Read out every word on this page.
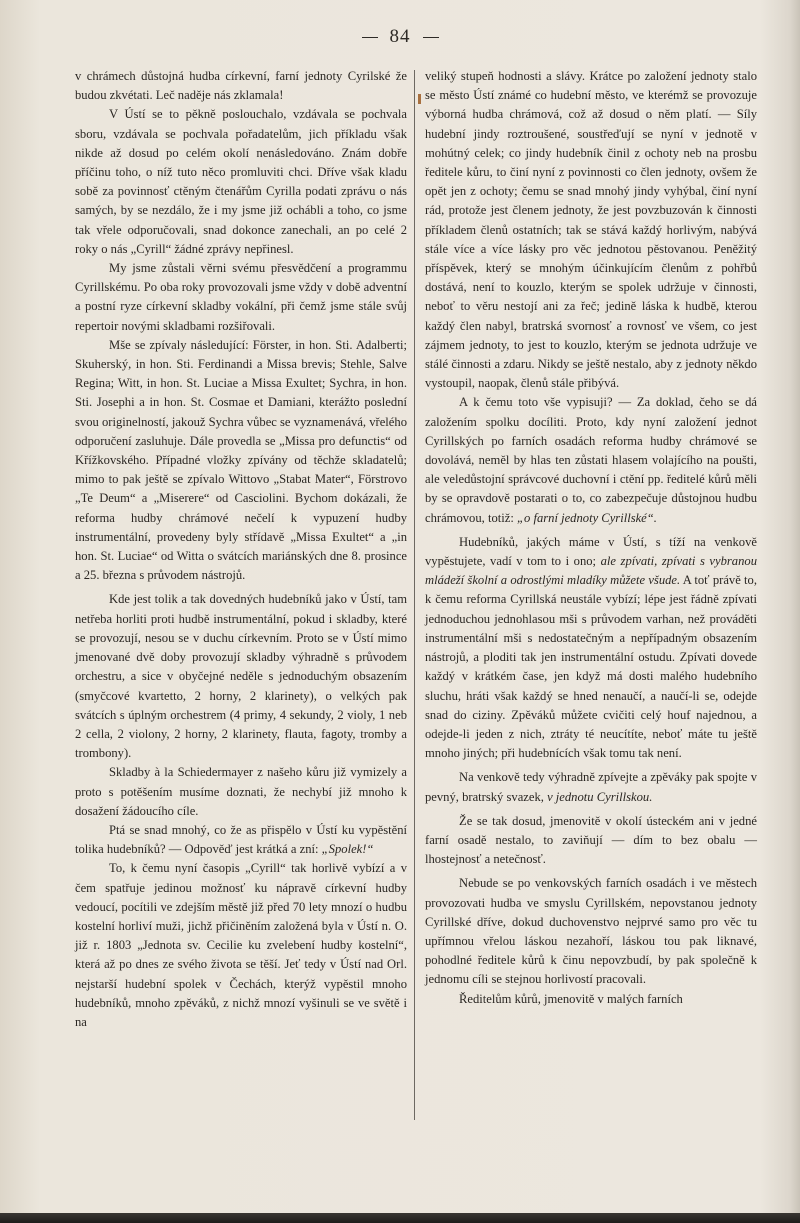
84

v chrámech důstojná hudba církevní, farní jednoty Cyrilské že budou zkvétati. Leč naděje nás zklamala!

V Ústí se to pěkně poslouchalo, vzdávala se pochvala sboru, vzdávala se pochvala pořadatelům, jich příkladu však nikde až dosud po celém okolí nenásledováno. Znám dobře příčinu toho, o níž tuto něco promluviti chci. Dříve však kladu sobě za povinnosť ctěným čtenářům Cyrilla podati zprávu o nás samých, by se nezdálo, že i my jsme již ochábli a toho, co jsme tak vřele odporučovali, snad dokonce zanechali, an po celé 2 roky o nás „Cyrill“ žádné zprávy nepřinesl.

My jsme zůstali věrni svému přesvědčení a programmu Cyrillskému. Po oba roky provozovali jsme vždy v době adventní a postní ryze církevní skladby vokální, při čemž jsme stále svůj repertoir novými skladbami rozšiřovali.

Mše se zpívaly následující: Förster, in hon. Sti. Adalberti; Skuherský, in hon. Sti. Ferdinandi a Missa brevis; Stehle, Salve Regina; Witt, in hon. St. Luciae a Missa Exultet; Sychra, in hon. Sti. Josephi a in hon. St. Cosmae et Damiani, kterážto poslední svou originelností, jakouž Sychra vůbec se vyznamenává, vřelého odporučení zasluhuje. Dále provedla se „Missa pro defunctis“ od Křížkovského. Případné vložky zpívány od těchže skladatelů; mimo to pak ještě se zpívalo Wittovo „Stabat Mater“, Förstrovo „Te Deum“ a „Miserere“ od Casciolini. Bychom dokázali, že reforma hudby chrámové nečelí k vypuzení hudby instrumentální, provedeny byly střídavě „Missa Exultet“ a „in hon. St. Luciae“ od Witta o svátcích mariánských dne 8. prosince a 25. března s průvodem nástrojů.

Kde jest tolik a tak dovedných hudebníků jako v Ústí, tam netřeba horliti proti hudbě instrumentální, pokud i skladby, které se provozují, nesou se v duchu církevním. Proto se v Ústí mimo jmenované dvě doby provozují skladby výhradně s průvodem orchestru, a sice v obyčejné neděle s jednoduchým obsazením (smyčcové kvartetto, 2 horny, 2 klarinety), o velkých pak svátcích s úplným orchestrem (4 primy, 4 sekundy, 2 violy, 1 neb 2 cella, 2 violony, 2 horny, 2 klarinety, flauta, fagoty, tromby a trombony).

Skladby à la Schiedermayer z našeho kůru již vymizely a proto s potěšením musíme doznati, že nechybí již mnoho k dosažení žádoucího cíle.

Ptá se snad mnohý, co že as přispělo v Ústí ku vypěstění tolika hudebníků? — Odpověď jest krátká a zní: „Spolek!“

To, k čemu nyní časopis „Cyrill“ tak horlivě vybízí a v čem spatřuje jedinou možnosť ku nápravě církevní hudby vedoucí, pocítili ve zdejším městě již před 70 lety mnozí o hudbu kostelní horliví muži, jichž přičiněním založená byla v Ústí n. O. již r. 1803 „Jednota sv. Cecilie ku zvelebení hudby kostelní“, která až po dnes ze svého života se těší. Jeť tedy v Ústí nad Orl. nejstarší hudební spolek v Čechách, kterýž vypěstil mnoho hudebníků, mnoho zpěváků, z nichž mnozí vyšinuli se ve světě i na

veliký stupeň hodnosti a slávy. Krátce po založení jednoty stalo se město Ústí známé co hudební město, ve kterémž se provozuje výborná hudba chrámová, což až dosud o něm platí. — Síly hudební jindy roztroušené, soustřeďují se nyní v jednotě v mohútný celek; co jindy hudebník činil z ochoty neb na prosbu ředitele kůru, to činí nyní z povinnosti co člen jednoty, ovšem že opět jen z ochoty; čemu se snad mnohý jindy vyhýbal, činí nyní rád, protože jest členem jednoty, že jest povzbuzován k činnosti příkladem členů ostatních; tak se stává každý horlivým, nabývá stále více a více lásky pro věc jednotou pěstovanou. Peněžitý příspěvek, který se mnohým účinkujícím členům z pohřbů dostává, není to kouzlo, kterým se spolek udržuje v činnosti, neboť to věru nestojí ani za řeč; jedině láska k hudbě, kterou každý člen nabyl, bratrská svornosť a rovnosť ve všem, co jest zájmem jednoty, to jest to kouzlo, kterým se jednota udržuje ve stálé činnosti a zdaru. Nikdy se ještě nestalo, aby z jednoty někdo vystoupil, naopak, členů stále přibývá.

A k čemu toto vše vypisuji? — Za doklad, čeho se dá založením spolku docíliti. Proto, kdy nyní založení jednot Cyrillských po farních osadách reforma hudby chrámové se dovolává, neměl by hlas ten zůstati hlasem volajícího na poušti, ale veledůstojní správcové duchovní i ctění pp. ředitelé kůrů měli by se opravdově postarati o to, co zabezpečuje důstojnou hudbu chrámovou, totiž: „o farní jednoty Cyrillské“.

Hudebníků, jakých máme v Ústí, s tíží na venkově vypěstujete, vadí v tom to i ono; ale zpívati, zpívati s vybranou mládeží školní a odrostlými mladíky můžete všude. A toť právě to, k čemu reforma Cyrillská neustále vybízí; lépe jest řádně zpívati jednoduchou jednohlasou mši s průvodem varhan, než prováděti instrumentální mši s nedostatečným a nepřípadným obsazením nástrojů, a ploditi tak jen instrumentální ostudu. Zpívati dovede každý v krátkém čase, jen když má dosti malého hudebního sluchu, hráti však každý se hned nenaučí, a naučí-li se, odejde snad do ciziny. Zpěváků můžete cvičiti celý houf najednou, a odejde-li jeden z nich, ztráty té neucítíte, neboť máte tu ještě mnoho jiných; při hudebnících však tomu tak není.

Na venkově tedy výhradně zpívejte a zpěváky pak spojte v pevný, bratrský svazek, v jednotu Cyrillskou.

Že se tak dosud, jmenovitě v okolí ústeckém ani v jedné farní osadě nestalo, to zaviňují — dím to bez obalu — lhostejnosť a netečnosť.

Nebude se po venkovských farních osadách i ve městech provozovati hudba ve smyslu Cyrillském, nepovstanou jednoty Cyrillské dříve, dokud duchovenstvo nejprvé samo pro věc tu upřímnou vřelou láskou nezahoří, láskou tou pak liknavé, pohodlné ředitele kůrů k činu nepovzbudí, by pak společně k jednomu cíli se stejnou horlivostí pracovali.

Ředitelům kůrů, jmenovitě v malých farních
